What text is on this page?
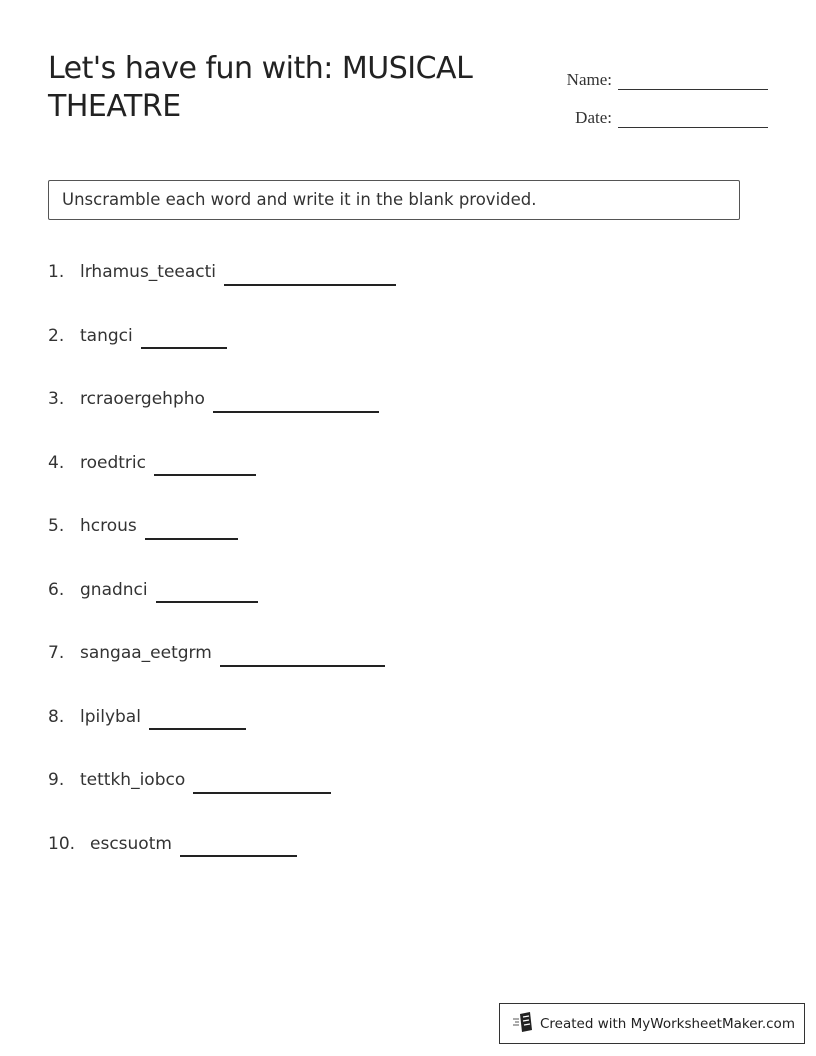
Let's have fun with: MUSICAL THEATRE
Name:
Date:
Unscramble each word and write it in the blank provided.
1. lrhamus_teeacti
2. tangci
3. rcraoergehpho
4. roedtric
5. hcrous
6. gnadnci
7. sangaa_eetgrm
8. lpilybal
9. tettkh_iobco
10. escsuotm
Created with MyWorksheetMaker.com
